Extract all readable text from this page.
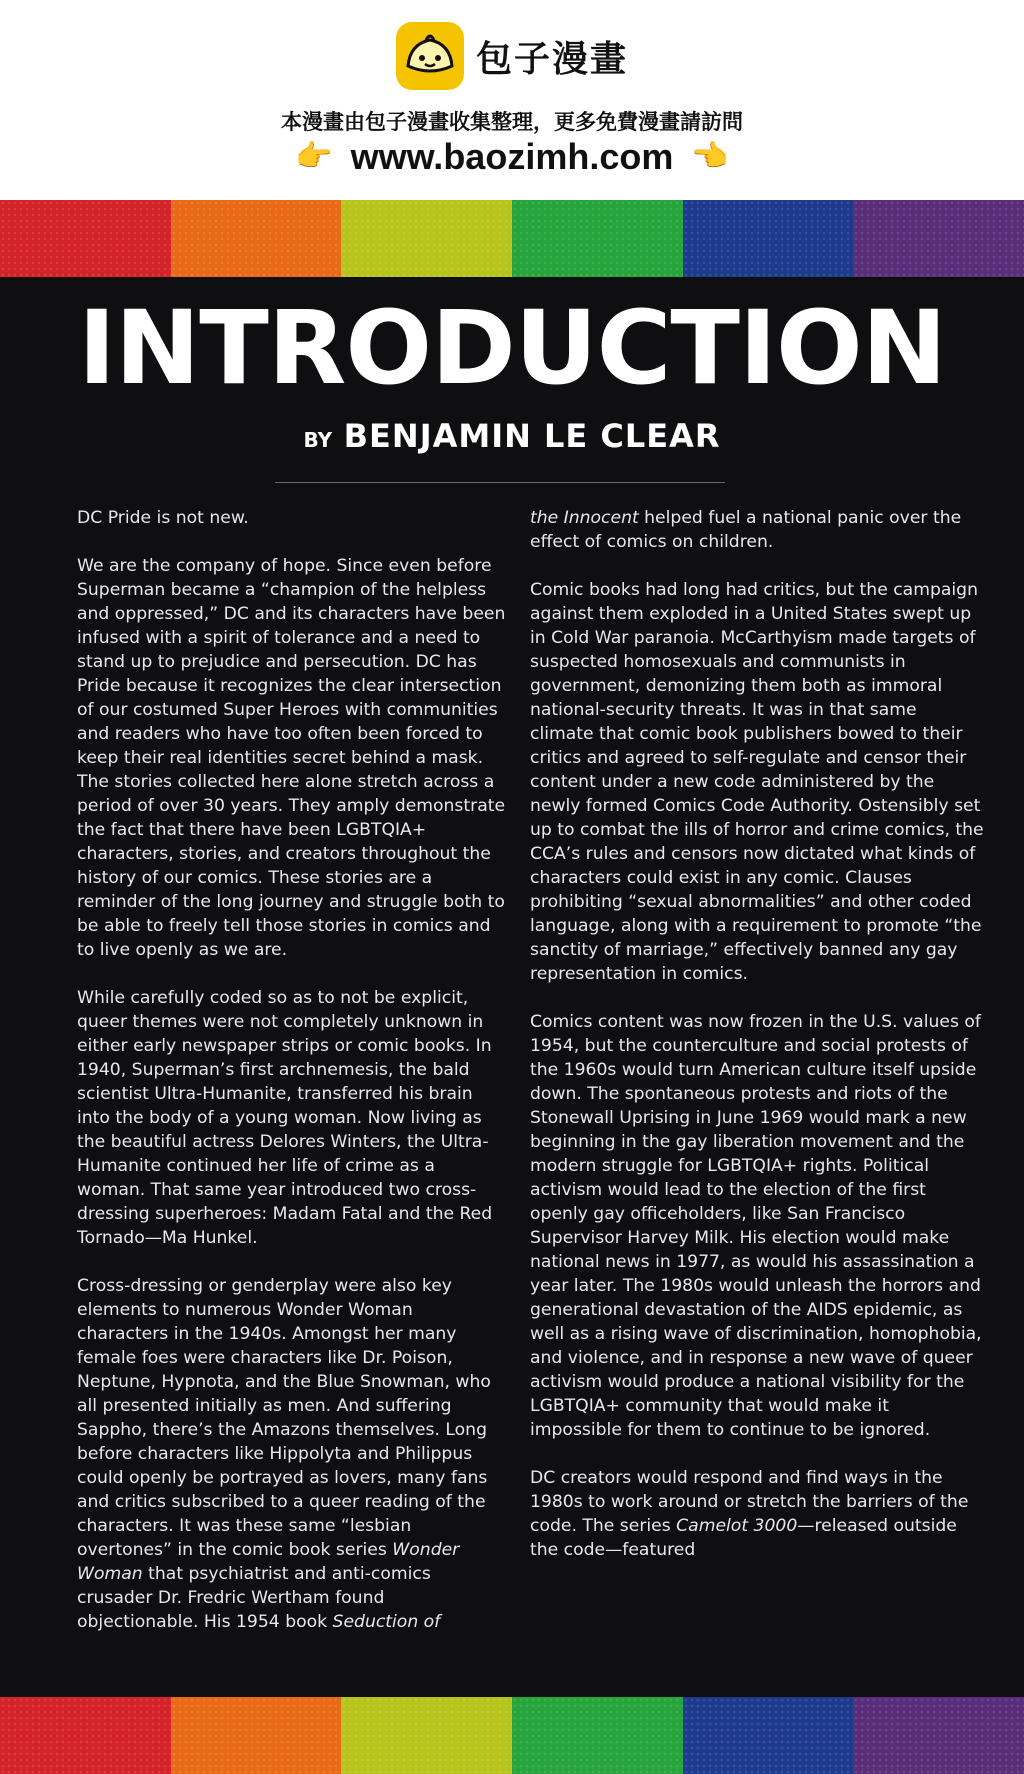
包子漫畫
本漫畫由包子漫畫收集整理，更多免費漫畫請訪問
👉 www.baozimh.com 👈
INTRODUCTION
BY BENJAMIN LE CLEAR

DC Pride is not new.

We are the company of hope. Since even before Superman became a “champion of the helpless and oppressed,” DC and its characters have been infused with a spirit of tolerance and a need to stand up to prejudice and persecution. DC has Pride because it recognizes the clear intersection of our costumed Super Heroes with communities and readers who have too often been forced to keep their real identities secret behind a mask. The stories collected here alone stretch across a period of over 30 years. They amply demonstrate the fact that there have been LGBTQIA+ characters, stories, and creators throughout the history of our comics. These stories are a reminder of the long journey and struggle both to be able to freely tell those stories in comics and to live openly as we are.

While carefully coded so as to not be explicit, queer themes were not completely unknown in either early newspaper strips or comic books. In 1940, Superman’s first archnemesis, the bald scientist Ultra-Humanite, transferred his brain into the body of a young woman. Now living as the beautiful actress Delores Winters, the Ultra-Humanite continued her life of crime as a woman. That same year introduced two cross-dressing superheroes: Madam Fatal and the Red Tornado—Ma Hunkel.

Cross-dressing or genderplay were also key elements to numerous Wonder Woman characters in the 1940s. Amongst her many female foes were characters like Dr. Poison, Neptune, Hypnota, and the Blue Snowman, who all presented initially as men. And suffering Sappho, there’s the Amazons themselves. Long before characters like Hippolyta and Philippus could openly be portrayed as lovers, many fans and critics subscribed to a queer reading of the characters. It was these same “lesbian overtones” in the comic book series Wonder Woman that psychiatrist and anti-comics crusader Dr. Fredric Wertham found objectionable. His 1954 book Seduction of

the Innocent helped fuel a national panic over the effect of comics on children.

Comic books had long had critics, but the campaign against them exploded in a United States swept up in Cold War paranoia. McCarthyism made targets of suspected homosexuals and communists in government, demonizing them both as immoral national-security threats. It was in that same climate that comic book publishers bowed to their critics and agreed to self-regulate and censor their content under a new code administered by the newly formed Comics Code Authority. Ostensibly set up to combat the ills of horror and crime comics, the CCA’s rules and censors now dictated what kinds of characters could exist in any comic. Clauses prohibiting “sexual abnormalities” and other coded language, along with a requirement to promote “the sanctity of marriage,” effectively banned any gay representation in comics.

Comics content was now frozen in the U.S. values of 1954, but the counterculture and social protests of the 1960s would turn American culture itself upside down. The spontaneous protests and riots of the Stonewall Uprising in June 1969 would mark a new beginning in the gay liberation movement and the modern struggle for LGBTQIA+ rights. Political activism would lead to the election of the first openly gay officeholders, like San Francisco Supervisor Harvey Milk. His election would make national news in 1977, as would his assassination a year later. The 1980s would unleash the horrors and generational devastation of the AIDS epidemic, as well as a rising wave of discrimination, homophobia, and violence, and in response a new wave of queer activism would produce a national visibility for the LGBTQIA+ community that would make it impossible for them to continue to be ignored.

DC creators would respond and find ways in the 1980s to work around or stretch the barriers of the code. The series Camelot 3000—released outside the code—featured
